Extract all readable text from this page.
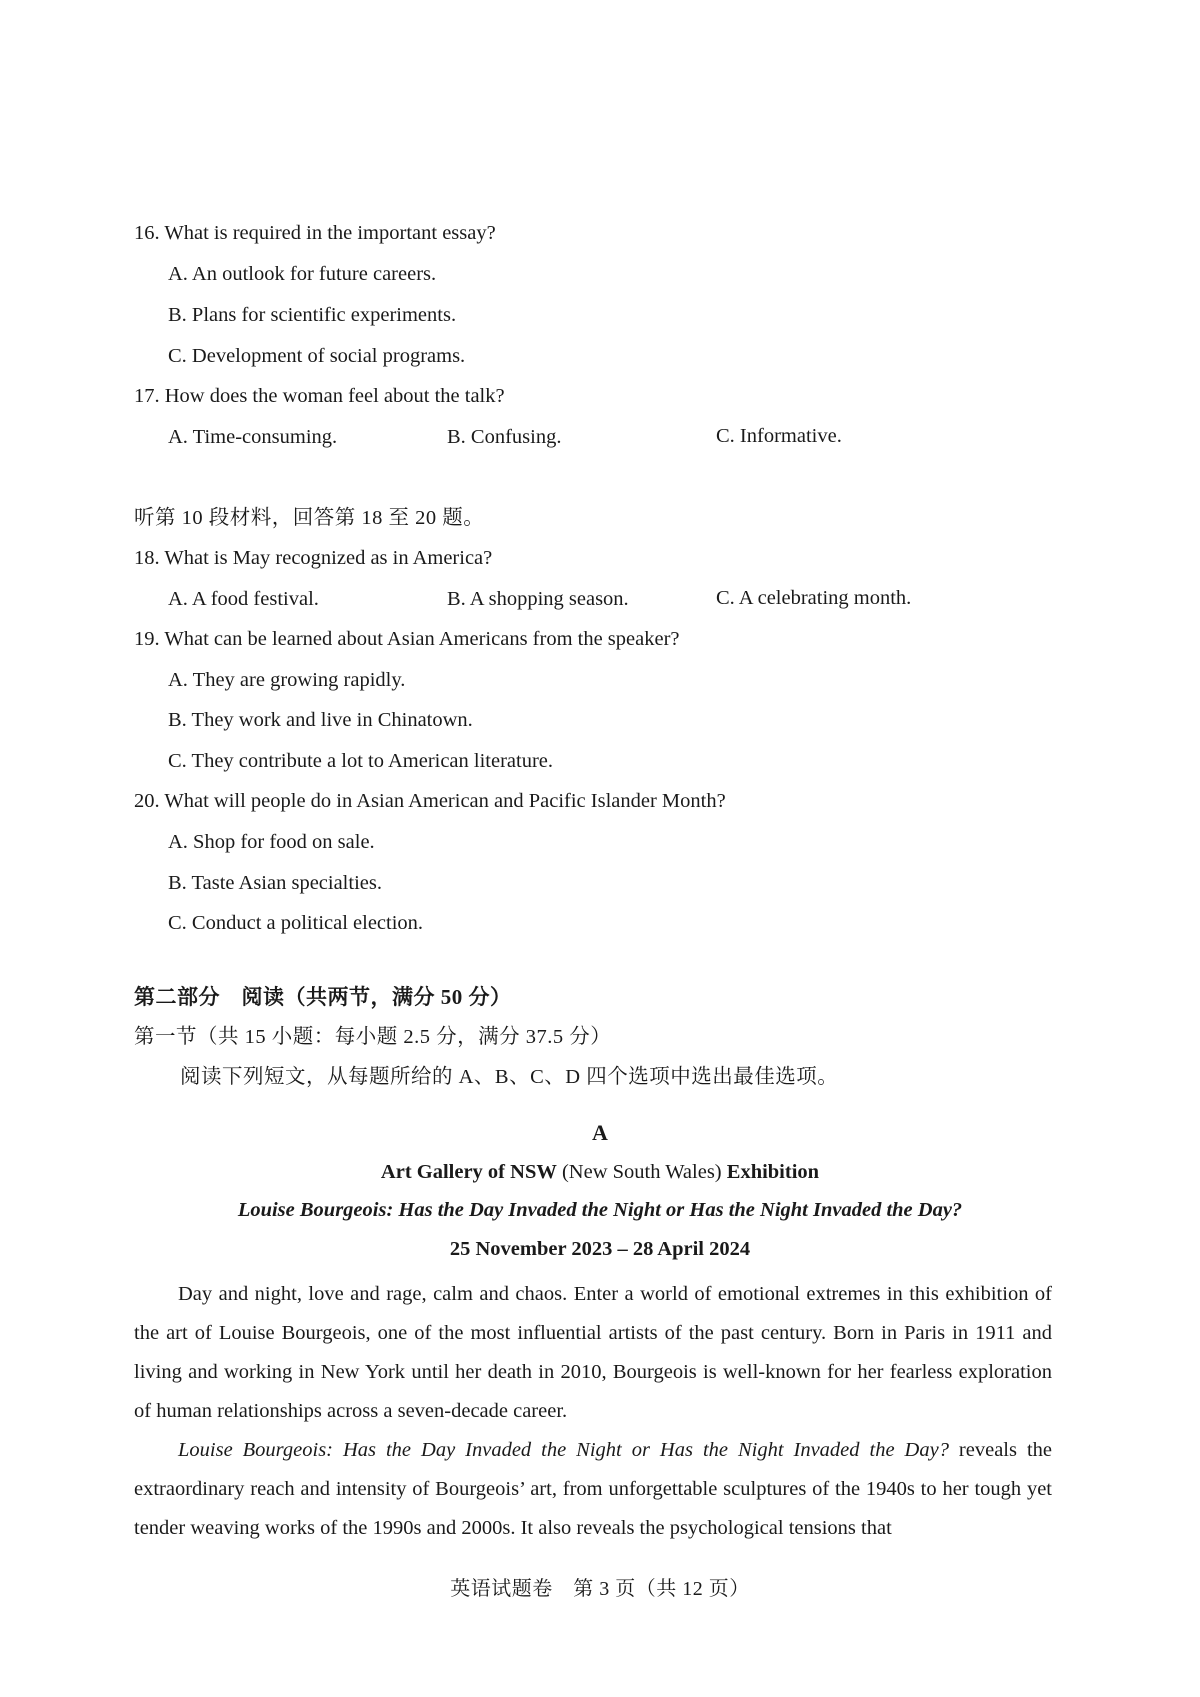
16. What is required in the important essay?
A. An outlook for future careers.
B. Plans for scientific experiments.
C. Development of social programs.
17. How does the woman feel about the talk?
A. Time-consuming.	B. Confusing.	C. Informative.
听第 10 段材料，回答第 18 至 20 题。
18. What is May recognized as in America?
A. A food festival.	B. A shopping season.	C. A celebrating month.
19. What can be learned about Asian Americans from the speaker?
A. They are growing rapidly.
B. They work and live in Chinatown.
C. They contribute a lot to American literature.
20. What will people do in Asian American and Pacific Islander Month?
A. Shop for food on sale.
B. Taste Asian specialties.
C. Conduct a political election.
第二部分　阅读（共两节，满分 50 分）
第一节（共 15 小题：每小题 2.5 分，满分 37.5 分）
阅读下列短文，从每题所给的 A、B、C、D 四个选项中选出最佳选项。
A
Art Gallery of NSW (New South Wales) Exhibition
Louise Bourgeois: Has the Day Invaded the Night or Has the Night Invaded the Day?
25 November 2023 – 28 April 2024
Day and night, love and rage, calm and chaos. Enter a world of emotional extremes in this exhibition of the art of Louise Bourgeois, one of the most influential artists of the past century. Born in Paris in 1911 and living and working in New York until her death in 2010, Bourgeois is well-known for her fearless exploration of human relationships across a seven-decade career.
Louise Bourgeois: Has the Day Invaded the Night or Has the Night Invaded the Day? reveals the extraordinary reach and intensity of Bourgeois’ art, from unforgettable sculptures of the 1940s to her tough yet tender weaving works of the 1990s and 2000s. It also reveals the psychological tensions that
英语试题卷　第 3 页（共 12 页）
